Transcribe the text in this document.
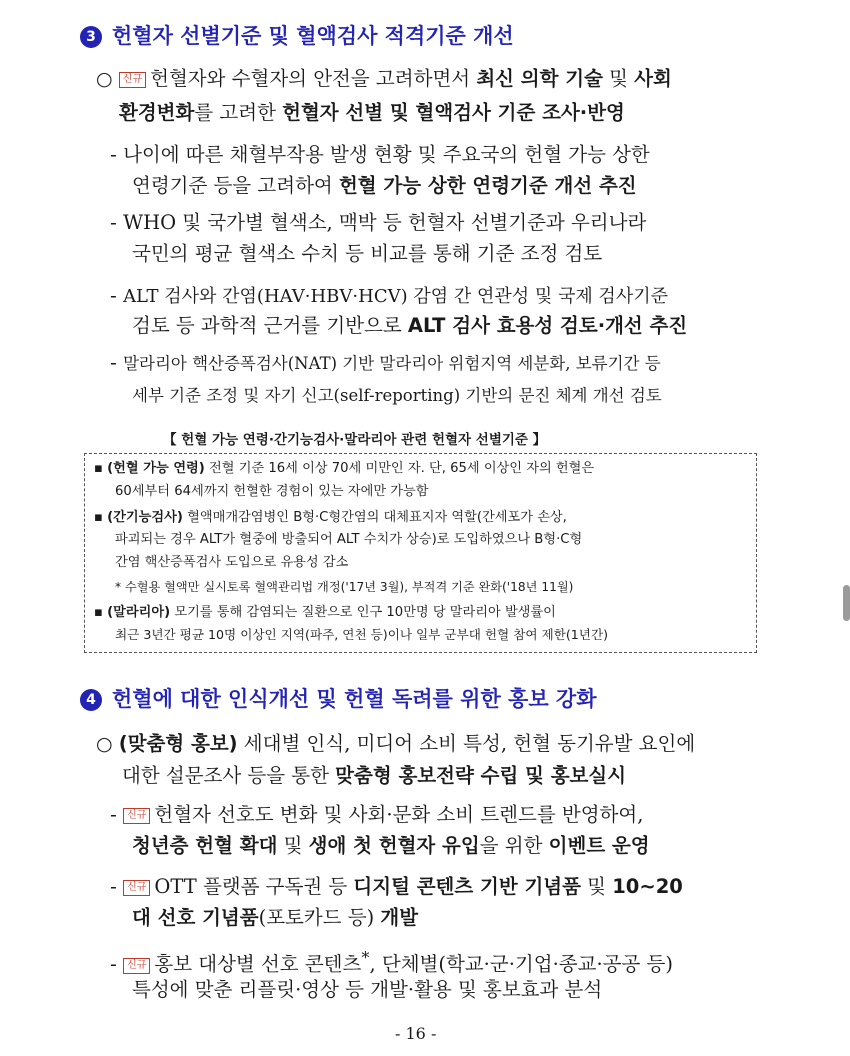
3 헌혈자 선별기준 및 혈액검사 적격기준 개선
○ 신규 헌혈자와 수혈자의 안전을 고려하면서 최신 의학 기술 및 사회
환경변화를 고려한 헌혈자 선별 및 혈액검사 기준 조사·반영
- 나이에 따른 채혈부작용 발생 현황 및 주요국의 헌혈 가능 상한
연령기준 등을 고려하여 헌혈 가능 상한 연령기준 개선 추진
- WHO 및 국가별 혈색소, 맥박 등 헌혈자 선별기준과 우리나라
국민의 평균 혈색소 수치 등 비교를 통해 기준 조정 검토
- ALT 검사와 간염(HAV·HBV·HCV) 감염 간 연관성 및 국제 검사기준
검토 등 과학적 근거를 기반으로 ALT 검사 효용성 검토·개선 추진
- 말라리아 핵산증폭검사(NAT) 기반 말라리아 위험지역 세분화, 보류기간 등
세부 기준 조정 및 자기 신고(self-reporting) 기반의 문진 체계 개선 검토
【 헌혈 가능 연령·간기능검사·말라리아 관련 헌혈자 선별기준 】
▪ (헌혈 가능 연령) 전혈 기준 16세 이상 70세 미만인 자. 단, 65세 이상인 자의 헌혈은
60세부터 64세까지 헌혈한 경험이 있는 자에만 가능함
▪ (간기능검사) 혈액매개감염병인 B형·C형간염의 대체표지자 역할(간세포가 손상,
파괴되는 경우 ALT가 혈중에 방출되어 ALT 수치가 상승)로 도입하였으나 B형·C형
간염 핵산증폭검사 도입으로 유용성 감소
* 수혈용 혈액만 실시토록 혈액관리법 개정('17년 3월), 부적격 기준 완화('18년 11월)
▪ (말라리아) 모기를 통해 감염되는 질환으로 인구 10만명 당 말라리아 발생률이
최근 3년간 평균 10명 이상인 지역(파주, 연천 등)이나 일부 군부대 헌혈 참여 제한(1년간)
4 헌혈에 대한 인식개선 및 헌혈 독려를 위한 홍보 강화
○ (맞춤형 홍보) 세대별 인식, 미디어 소비 특성, 헌혈 동기유발 요인에
대한 설문조사 등을 통한 맞춤형 홍보전략 수립 및 홍보실시
- 신규 헌혈자 선호도 변화 및 사회·문화 소비 트렌드를 반영하여,
청년층 헌혈 확대 및 생애 첫 헌혈자 유입을 위한 이벤트 운영
- 신규 OTT 플랫폼 구독권 등 디지털 콘텐츠 기반 기념품 및 10~20
대 선호 기념품(포토카드 등) 개발
- 신규 홍보 대상별 선호 콘텐츠*, 단체별(학교·군·기업·종교·공공 등)
특성에 맞춘 리플릿·영상 등 개발·활용 및 홍보효과 분석
- 16 -
